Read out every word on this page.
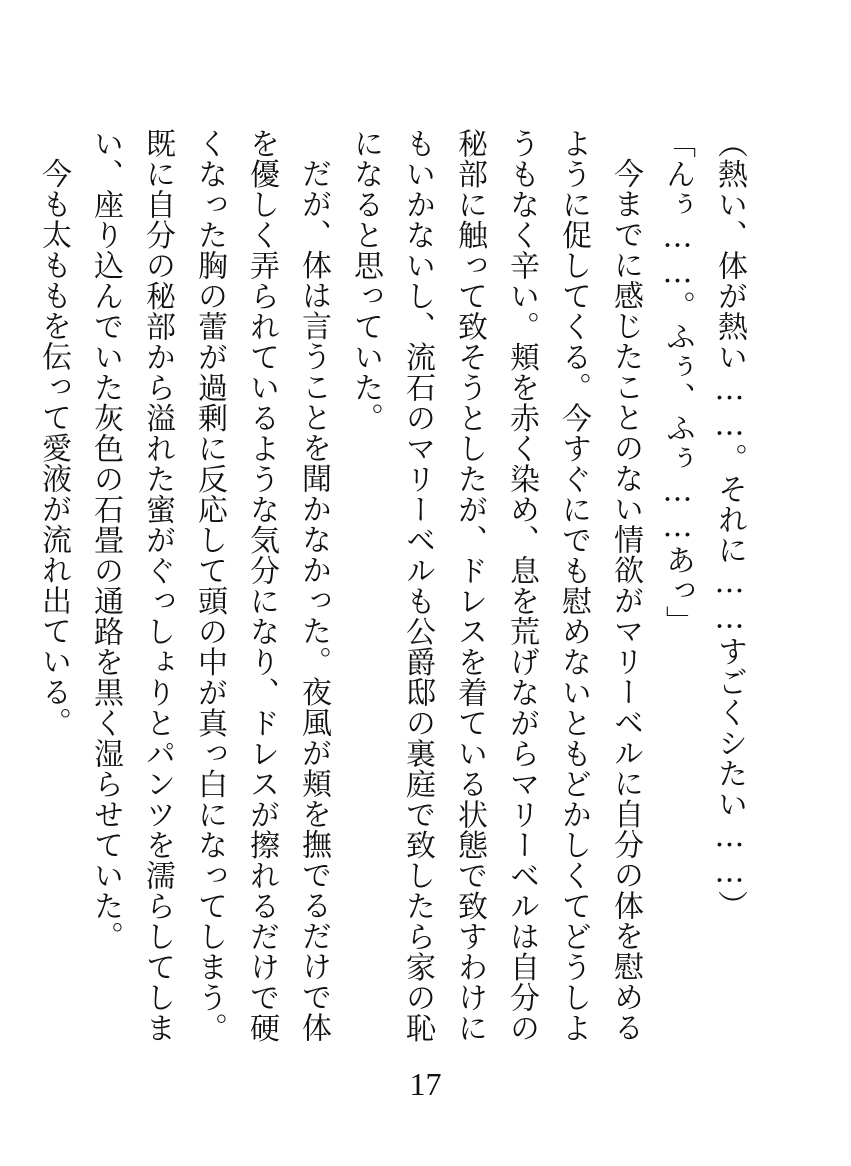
（熱い、体が熱い……。それに……すごくシたい……）

「んぅ……。ふぅ、ふぅ……あっ」

今までに感じたことのない情欲がマリーベルに自分の体を慰めるように促してくる。今すぐにでも慰めないともどかしくてどうしようもなく辛い。頬を赤く染め、息を荒げながらマリーベルは自分の秘部に触って致そうとしたが、ドレスを着ている状態で致すわけにもいかないし、流石のマリーベルも公爵邸の裏庭で致したら家の恥になると思っていた。

だが、体は言うことを聞かなかった。夜風が頬を撫でるだけで体を優しく弄られているような気分になり、ドレスが擦れるだけで硬くなった胸の蕾が過剰に反応して頭の中が真っ白になってしまう。既に自分の秘部から溢れた蜜がぐっしょりとパンツを濡らしてしまい、座り込んでいた灰色の石畳の通路を黒く湿らせていた。

今も太ももを伝って愛液が流れ出ている。

17
